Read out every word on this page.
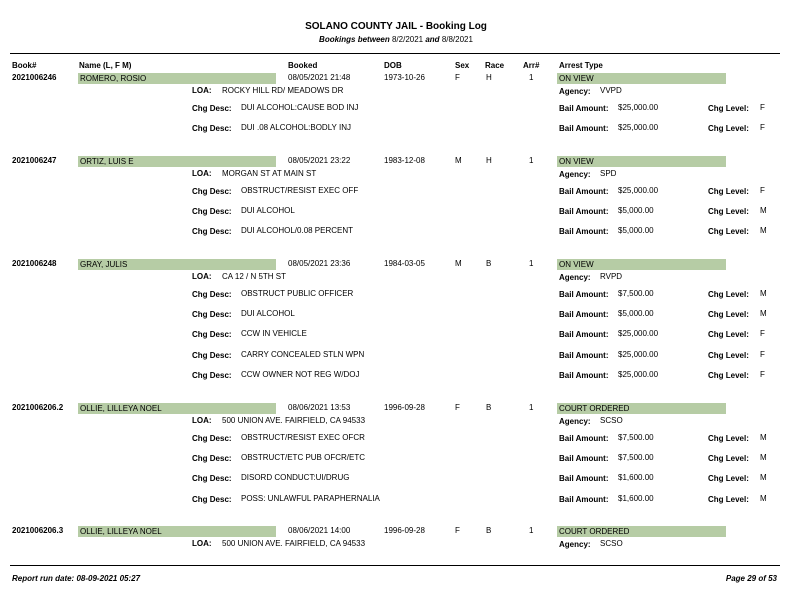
SOLANO COUNTY JAIL - Booking Log
Bookings between 8/2/2021 and 8/8/2021
Book#	Name (L, F M)	Booked	DOB	Sex Race Arr# Arrest Type
2021006246	ROMERO, ROSIO	08/05/2021 21:48	1973-10-26	F	H	1	ON VIEW
LOA: ROCKY HILL RD/ MEADOWS DR	Agency: VVPD
Chg Desc: DUI ALCOHOL:CAUSE BOD INJ	Bail Amount: $25,000.00	Chg Level: F
Chg Desc: DUI .08 ALCOHOL:BODLY INJ	Bail Amount: $25,000.00	Chg Level: F
2021006247	ORTIZ, LUIS E	08/05/2021 23:22	1983-12-08	M	H	1	ON VIEW
LOA: MORGAN ST AT MAIN ST	Agency: SPD
Chg Desc: OBSTRUCT/RESIST EXEC OFF	Bail Amount: $25,000.00	Chg Level: F
Chg Desc: DUI ALCOHOL	Bail Amount: $5,000.00	Chg Level: M
Chg Desc: DUI ALCOHOL/0.08 PERCENT	Bail Amount: $5,000.00	Chg Level: M
2021006248	GRAY, JULIS	08/05/2021 23:36	1984-03-05	M	B	1	ON VIEW
LOA: CA 12 / N 5TH ST	Agency: RVPD
Chg Desc: OBSTRUCT PUBLIC OFFICER	Bail Amount: $7,500.00	Chg Level: M
Chg Desc: DUI ALCOHOL	Bail Amount: $5,000.00	Chg Level: M
Chg Desc: CCW IN VEHICLE	Bail Amount: $25,000.00	Chg Level: F
Chg Desc: CARRY CONCEALED STLN WPN	Bail Amount: $25,000.00	Chg Level: F
Chg Desc: CCW OWNER NOT REG W/DOJ	Bail Amount: $25,000.00	Chg Level: F
2021006206.2 OLLIE, LILLEYA NOEL	08/06/2021 13:53	1996-09-28	F	B	1	COURT ORDERED
LOA: 500 UNION AVE. FAIRFIELD, CA 94533	Agency: SCSO
Chg Desc: OBSTRUCT/RESIST EXEC OFCR	Bail Amount: $7,500.00	Chg Level: M
Chg Desc: OBSTRUCT/ETC PUB OFCR/ETC	Bail Amount: $7,500.00	Chg Level: M
Chg Desc: DISORD CONDUCT:UI/DRUG	Bail Amount: $1,600.00	Chg Level: M
Chg Desc: POSS: UNLAWFUL PARAPHERNALIA	Bail Amount: $1,600.00	Chg Level: M
2021006206.3 OLLIE, LILLEYA NOEL	08/06/2021 14:00	1996-09-28	F	B	1	COURT ORDERED
LOA: 500 UNION AVE. FAIRFIELD, CA 94533	Agency: SCSO
Report run date: 08-09-2021 05:27	Page 29 of 53
